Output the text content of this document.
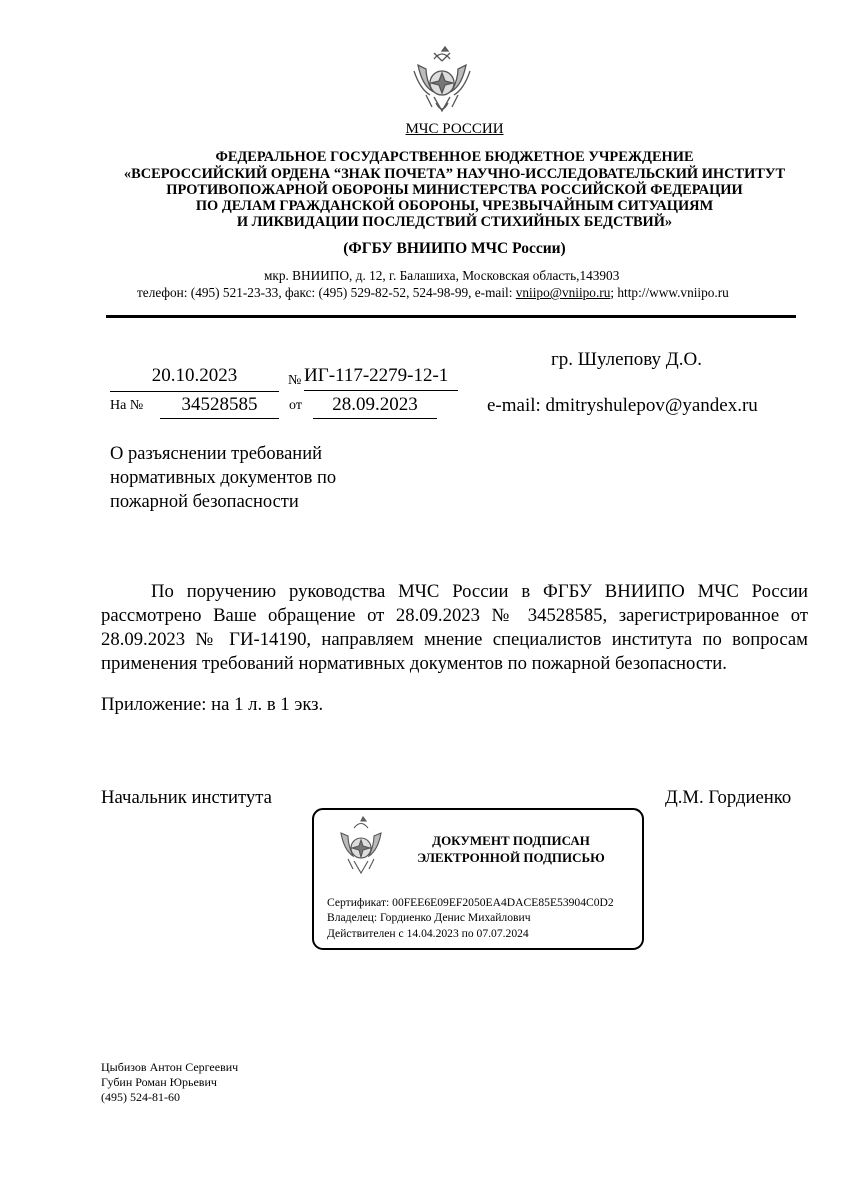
МЧС РОССИИ
ФЕДЕРАЛЬНОЕ ГОСУДАРСТВЕННОЕ БЮДЖЕТНОЕ УЧРЕЖДЕНИЕ
«ВСЕРОССИЙСКИЙ ОРДЕНА “ЗНАК ПОЧЕТА” НАУЧНО-ИССЛЕДОВАТЕЛЬСКИЙ ИНСТИТУТ
ПРОТИВОПОЖАРНОЙ ОБОРОНЫ МИНИСТЕРСТВА РОССИЙСКОЙ ФЕДЕРАЦИИ
ПО ДЕЛАМ ГРАЖДАНСКОЙ ОБОРОНЫ, ЧРЕЗВЫЧАЙНЫМ СИТУАЦИЯМ
И ЛИКВИДАЦИИ ПОСЛЕДСТВИЙ СТИХИЙНЫХ БЕДСТВИЙ»
(ФГБУ ВНИИПО МЧС России)
мкр. ВНИИПО, д. 12, г. Балашиха, Московская область,143903
телефон: (495) 521-23-33, факс: (495) 529-82-52, 524-98-99, e-mail: vniipo@vniipo.ru; http://www.vniipo.ru
20.10.2023	№ ИГ-117-2279-12-1
На №	34528585	от	28.09.2023
гр. Шулепову Д.О.
e-mail: dmitryshulepov@yandex.ru
О разъяснении требований нормативных документов по пожарной безопасности

По поручению руководства МЧС России в ФГБУ ВНИИПО МЧС России рассмотрено Ваше обращение от 28.09.2023 № 34528585, зарегистрированное от 28.09.2023 № ГИ-14190, направляем мнение специалистов института по вопросам применения требований нормативных документов по пожарной безопасности.

Приложение: на 1 л. в 1 экз.
Начальник института	Д.М. Гордиенко
ДОКУМЕНТ ПОДПИСАН
ЭЛЕКТРОННОЙ ПОДПИСЬЮ
Сертификат: 00FEE6E09EF2050EA4DACE85E53904C0D2
Владелец: Гордиенко Денис Михайлович
Действителен с 14.04.2023 по 07.07.2024
Цыбизов Антон Сергеевич
Губин Роман Юрьевич
(495) 524-81-60
